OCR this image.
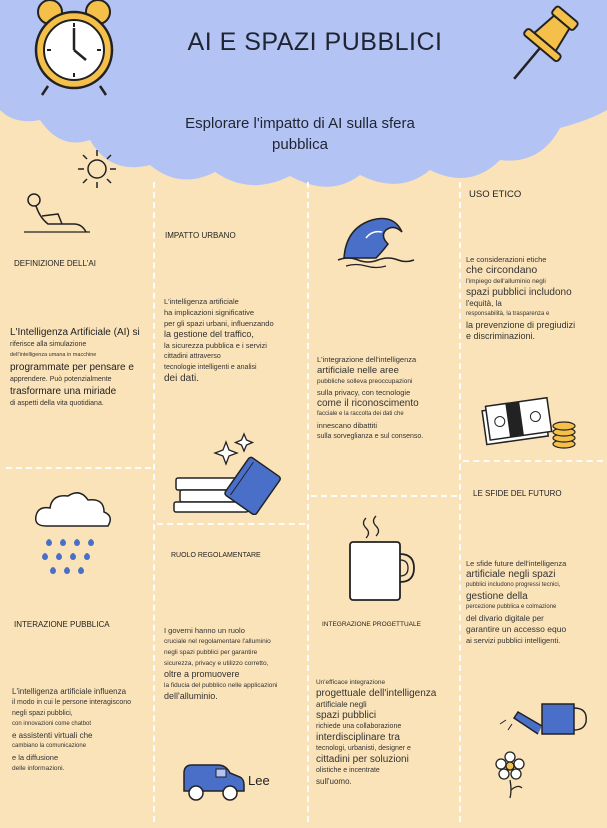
AI E SPAZI PUBBLICI
Esplorare l'impatto di AI sulla sfera pubblica
DEFINIZIONE DELL'AI

L'Intelligenza Artificiale (AI) si

riferisce alla simulazione

dell'intelligenza umana in macchine

programmate per pensare e

apprendere. Può potenzialmente

trasformare una miriade

di aspetti della vita quotidiana.

INTERAZIONE PUBBLICA

L'intelligenza artificiale influenza

il modo in cui le persone interagiscono

negli spazi pubblici,

con innovazioni come chatbot

e assistenti virtuali che

cambiano la comunicazione

e la diffusione

delle informazioni.

IMPATTO URBANO

L'intelligenza artificiale

ha implicazioni significative

per gli spazi urbani, influenzando

la gestione del traffico,

la sicurezza pubblica e i servizi

cittadini attraverso

tecnologie intelligenti e analisi

dei dati.

RUOLO REGOLAMENTARE

I governi hanno un ruolo

cruciale nel regolamentare l'alluminio

negli spazi pubblici per garantire

sicurezza, privacy e utilizzo corretto,

oltre a promuovere

la fiducia del pubblico nelle applicazioni

dell'alluminio.

Lee

L'integrazione dell'intelligenza

artificiale nelle aree

pubbliche solleva preoccupazioni

sulla privacy, con tecnologie

come il riconoscimento

facciale e la raccolta dei dati che

innescano dibattiti

sulla sorveglianza e sul consenso.

INTEGRAZIONE PROGETTUALE

Un'efficace integrazione

progettuale dell'intelligenza

artificiale negli

spazi pubblici

richiede una collaborazione

interdisciplinare tra

tecnologi, urbanisti, designer e

cittadini per soluzioni

olistiche e incentrate

sull'uomo.

USO ETICO

Le considerazioni etiche

che circondano

l'impiego dell'alluminio negli

spazi pubblici includono

l'equità, la

responsabilità, la trasparenza e

la prevenzione di pregiudizi

e discriminazioni.

LE SFIDE DEL FUTURO

Le sfide future dell'intelligenza

artificiale negli spazi

pubblici includono progressi tecnici,

gestione della

percezione pubblica e colmazione

del divario digitale per

garantire un accesso equo

ai servizi pubblici intelligenti.
